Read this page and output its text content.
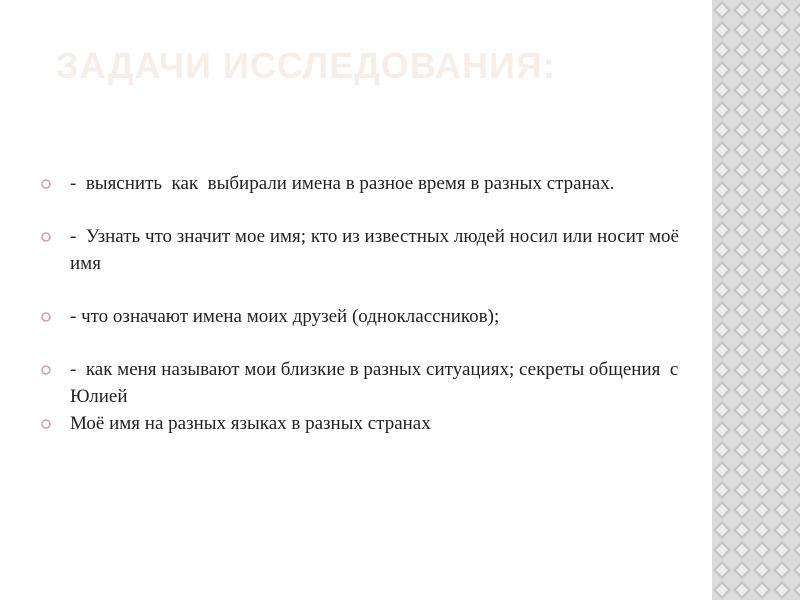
ЗАДАЧИ ИССЛЕДОВАНИЯ:
-  выяснить  как  выбирали имена в разное время в разных странах.
-  Узнать что значит мое имя; кто из известных людей носил или носит моё   имя
- что означают имена моих друзей (одноклассников);
-  как меня называют мои близкие в разных ситуациях; секреты общения  с Юлией
Моё имя на разных языках в разных странах
